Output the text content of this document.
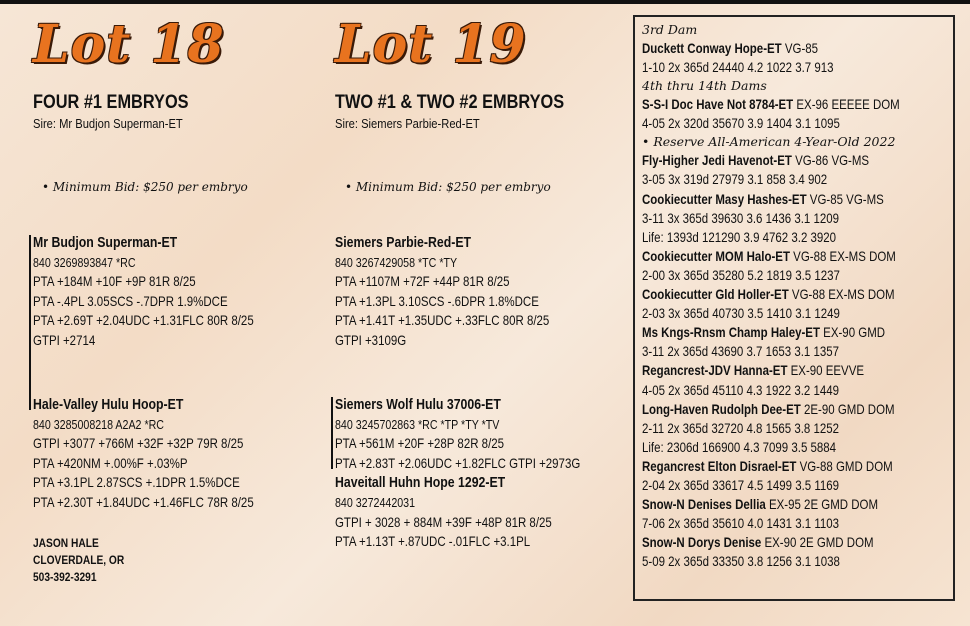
Lot 18
FOUR #1 EMBRYOS
Sire: Mr Budjon Superman-ET
• Minimum Bid: $250 per embryo
Mr Budjon Superman-ET
840 3269893847 *RC
PTA +184M +10F +9P 81R 8/25
PTA -.4PL 3.05SCS -.7DPR 1.9%DCE
PTA +2.69T +2.04UDC +1.31FLC 80R 8/25
GTPI +2714
Hale-Valley Hulu Hoop-ET
840 3285008218 A2A2 *RC
GTPI +3077 +766M +32F +32P 79R 8/25
PTA +420NM +.00%F +.03%P
PTA +3.1PL 2.87SCS +.1DPR 1.5%DCE
PTA +2.30T +1.84UDC +1.46FLC 78R 8/25
JASON HALE
CLOVERDALE, OR
503-392-3291
Lot 19
TWO #1 & TWO #2 EMBRYOS
Sire: Siemers Parbie-Red-ET
• Minimum Bid: $250 per embryo
Siemers Parbie-Red-ET
840 3267429058 *TC *TY
PTA +1107M +72F +44P 81R 8/25
PTA +1.3PL 3.10SCS -.6DPR 1.8%DCE
PTA +1.41T +1.35UDC +.33FLC 80R 8/25
GTPI +3109G
Siemers Wolf Hulu 37006-ET
840 3245702863 *RC *TP *TY *TV
PTA +561M +20F +28P 82R 8/25
PTA +2.83T +2.06UDC +1.82FLC GTPI +2973G
Haveitall Huhn Hope 1292-ET
840 3272442031
GTPI + 3028 + 884M +39F +48P 81R 8/25
PTA +1.13T +.87UDC -.01FLC +3.1PL
3rd Dam
Duckett Conway Hope-ET VG-85
1-10 2x 365d 24440 4.2 1022 3.7 913
4th thru 14th Dams
S-S-I Doc Have Not 8784-ET EX-96 EEEEE DOM
4-05 2x 320d 35670 3.9 1404 3.1 1095
• Reserve All-American 4-Year-Old 2022
Fly-Higher Jedi Havenot-ET VG-86 VG-MS
3-05 3x 319d 27979 3.1 858 3.4 902
Cookiecutter Masy Hashes-ET VG-85 VG-MS
3-11 3x 365d 39630 3.6 1436 3.1 1209
Life: 1393d 121290 3.9 4762 3.2 3920
Cookiecutter MOM Halo-ET VG-88 EX-MS DOM
2-00 3x 365d 35280 5.2 1819 3.5 1237
Cookiecutter Gld Holler-ET VG-88 EX-MS DOM
2-03 3x 365d 40730 3.5 1410 3.1 1249
Ms Kngs-Rnsm Champ Haley-ET EX-90 GMD
3-11 2x 365d 43690 3.7 1653 3.1 1357
Regancrest-JDV Hanna-ET EX-90 EEVVE
4-05 2x 365d 45110 4.3 1922 3.2 1449
Long-Haven Rudolph Dee-ET 2E-90 GMD DOM
2-11 2x 365d 32720 4.8 1565 3.8 1252
Life: 2306d 166900 4.3 7099 3.5 5884
Regancrest Elton Disrael-ET VG-88 GMD DOM
2-04 2x 365d 33617 4.5 1499 3.5 1169
Snow-N Denises Dellia EX-95 2E GMD DOM
7-06 2x 365d 35610 4.0 1431 3.1 1103
Snow-N Dorys Denise EX-90 2E GMD DOM
5-09 2x 365d 33350 3.8 1256 3.1 1038
